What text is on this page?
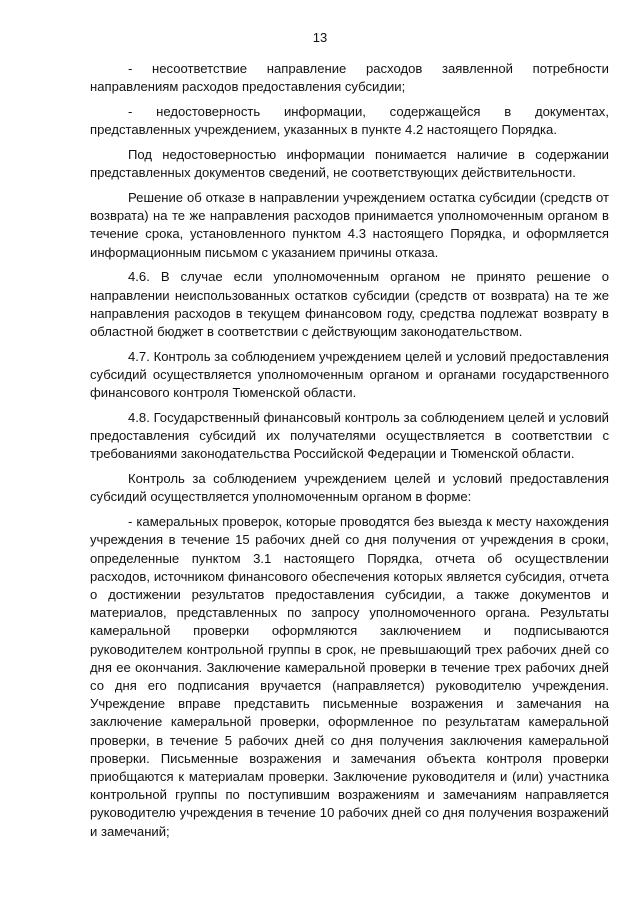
13

- несоответствие направление расходов заявленной потребности направлениям расходов предоставления субсидии;

- недостоверность информации, содержащейся в документах, представленных учреждением, указанных в пункте 4.2 настоящего Порядка.

Под недостоверностью информации понимается наличие в содержании представленных документов сведений, не соответствующих действительности.

Решение об отказе в направлении учреждением остатка субсидии (средств от возврата) на те же направления расходов принимается уполномоченным органом в течение срока, установленного пунктом 4.3 настоящего Порядка, и оформляется информационным письмом с указанием причины отказа.

4.6. В случае если уполномоченным органом не принято решение о направлении неиспользованных остатков субсидии (средств от возврата) на те же направления расходов в текущем финансовом году, средства подлежат возврату в областной бюджет в соответствии с действующим законодательством.

4.7. Контроль за соблюдением учреждением целей и условий предоставления субсидий осуществляется уполномоченным органом и органами государственного финансового контроля Тюменской области.

4.8. Государственный финансовый контроль за соблюдением целей и условий предоставления субсидий их получателями осуществляется в соответствии с требованиями законодательства Российской Федерации и Тюменской области.

Контроль за соблюдением учреждением целей и условий предоставления субсидий осуществляется уполномоченным органом в форме:

- камеральных проверок, которые проводятся без выезда к месту нахождения учреждения в течение 15 рабочих дней со дня получения от учреждения в сроки, определенные пунктом 3.1 настоящего Порядка, отчета об осуществлении расходов, источником финансового обеспечения которых является субсидия, отчета о достижении результатов предоставления субсидии, а также документов и материалов, представленных по запросу уполномоченного органа. Результаты камеральной проверки оформляются заключением и подписываются руководителем контрольной группы в срок, не превышающий трех рабочих дней со дня ее окончания. Заключение камеральной проверки в течение трех рабочих дней со дня его подписания вручается (направляется) руководителю учреждения. Учреждение вправе представить письменные возражения и замечания на заключение камеральной проверки, оформленное по результатам камеральной проверки, в течение 5 рабочих дней со дня получения заключения камеральной проверки. Письменные возражения и замечания объекта контроля проверки приобщаются к материалам проверки. Заключение руководителя и (или) участника контрольной группы по поступившим возражениям и замечаниям направляется руководителю учреждения в течение 10 рабочих дней со дня получения возражений и замечаний;
